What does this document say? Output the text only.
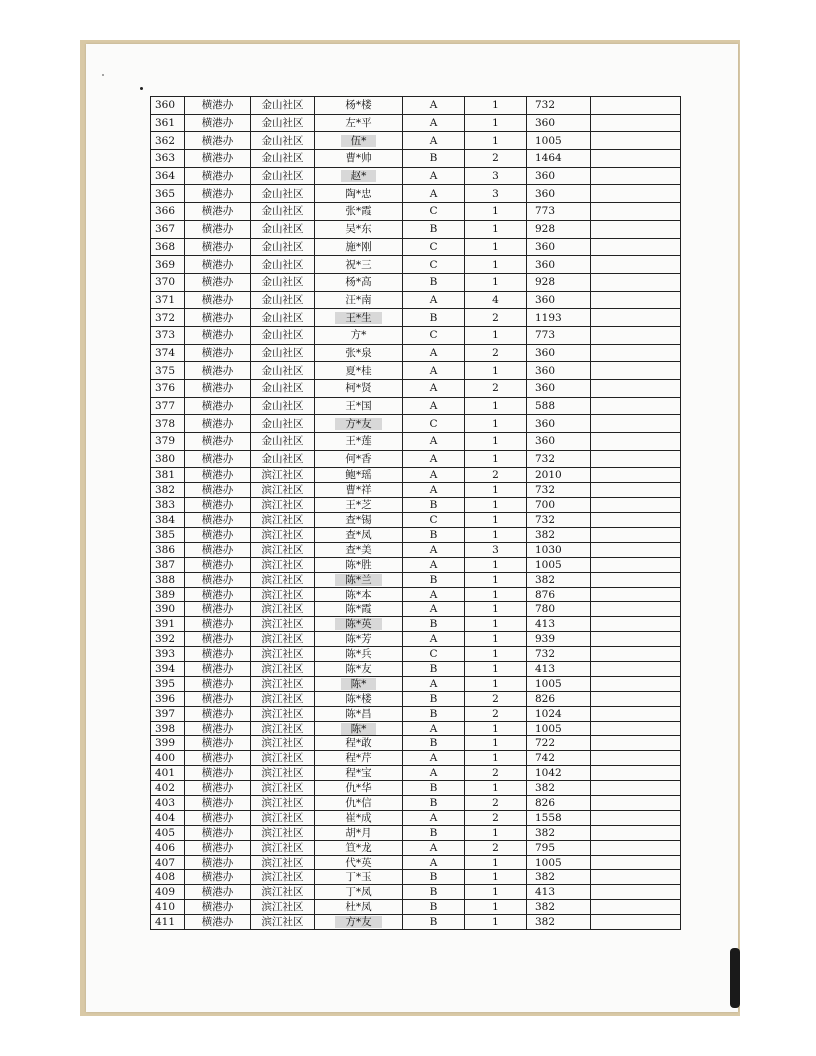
360	横港办	金山社区	杨*楼	A	1	732	
361	横港办	金山社区	左*平	A	1	360	
362	横港办	金山社区	伍*	A	1	1005	
363	横港办	金山社区	曹*帅	B	2	1464	
364	横港办	金山社区	赵*	A	3	360	
365	横港办	金山社区	陶*忠	A	3	360	
366	横港办	金山社区	张*霞	C	1	773	
367	横港办	金山社区	吴*东	B	1	928	
368	横港办	金山社区	施*刚	C	1	360	
369	横港办	金山社区	祝*三	C	1	360	
370	横港办	金山社区	杨*高	B	1	928	
371	横港办	金山社区	汪*南	A	4	360	
372	横港办	金山社区	王*生	B	2	1193	
373	横港办	金山社区	方*	C	1	773	
374	横港办	金山社区	张*泉	A	2	360	
375	横港办	金山社区	夏*桂	A	1	360	
376	横港办	金山社区	柯*贤	A	2	360	
377	横港办	金山社区	王*国	A	1	588	
378	横港办	金山社区	方*友	C	1	360	
379	横港办	金山社区	王*莲	A	1	360	
380	横港办	金山社区	何*香	A	1	732	
381	横港办	滨江社区	鲍*瑶	A	2	2010	
382	横港办	滨江社区	曹*祥	A	1	732	
383	横港办	滨江社区	王*芝	B	1	700	
384	横港办	滨江社区	查*锡	C	1	732	
385	横港办	滨江社区	查*凤	B	1	382	
386	横港办	滨江社区	查*美	A	3	1030	
387	横港办	滨江社区	陈*胜	A	1	1005	
388	横港办	滨江社区	陈*兰	B	1	382	
389	横港办	滨江社区	陈*本	A	1	876	
390	横港办	滨江社区	陈*霞	A	1	780	
391	横港办	滨江社区	陈*英	B	1	413	
392	横港办	滨江社区	陈*芳	A	1	939	
393	横港办	滨江社区	陈*兵	C	1	732	
394	横港办	滨江社区	陈*友	B	1	413	
395	横港办	滨江社区	陈*	A	1	1005	
396	横港办	滨江社区	陈*楼	B	2	826	
397	横港办	滨江社区	陈*昌	B	2	1024	
398	横港办	滨江社区	陈*	A	1	1005	
399	横港办	滨江社区	程*敢	B	1	722	
400	横港办	滨江社区	程*芹	A	1	742	
401	横港办	滨江社区	程*宝	A	2	1042	
402	横港办	滨江社区	仇*华	B	1	382	
403	横港办	滨江社区	仇*信	B	2	826	
404	横港办	滨江社区	崔*成	A	2	1558	
405	横港办	滨江社区	胡*月	B	1	382	
406	横港办	滨江社区	笪*龙	A	2	795	
407	横港办	滨江社区	代*英	A	1	1005	
408	横港办	滨江社区	丁*玉	B	1	382	
409	横港办	滨江社区	丁*凤	B	1	413	
410	横港办	滨江社区	杜*凤	B	1	382	
411	横港办	滨江社区	方*友	B	1	382	
